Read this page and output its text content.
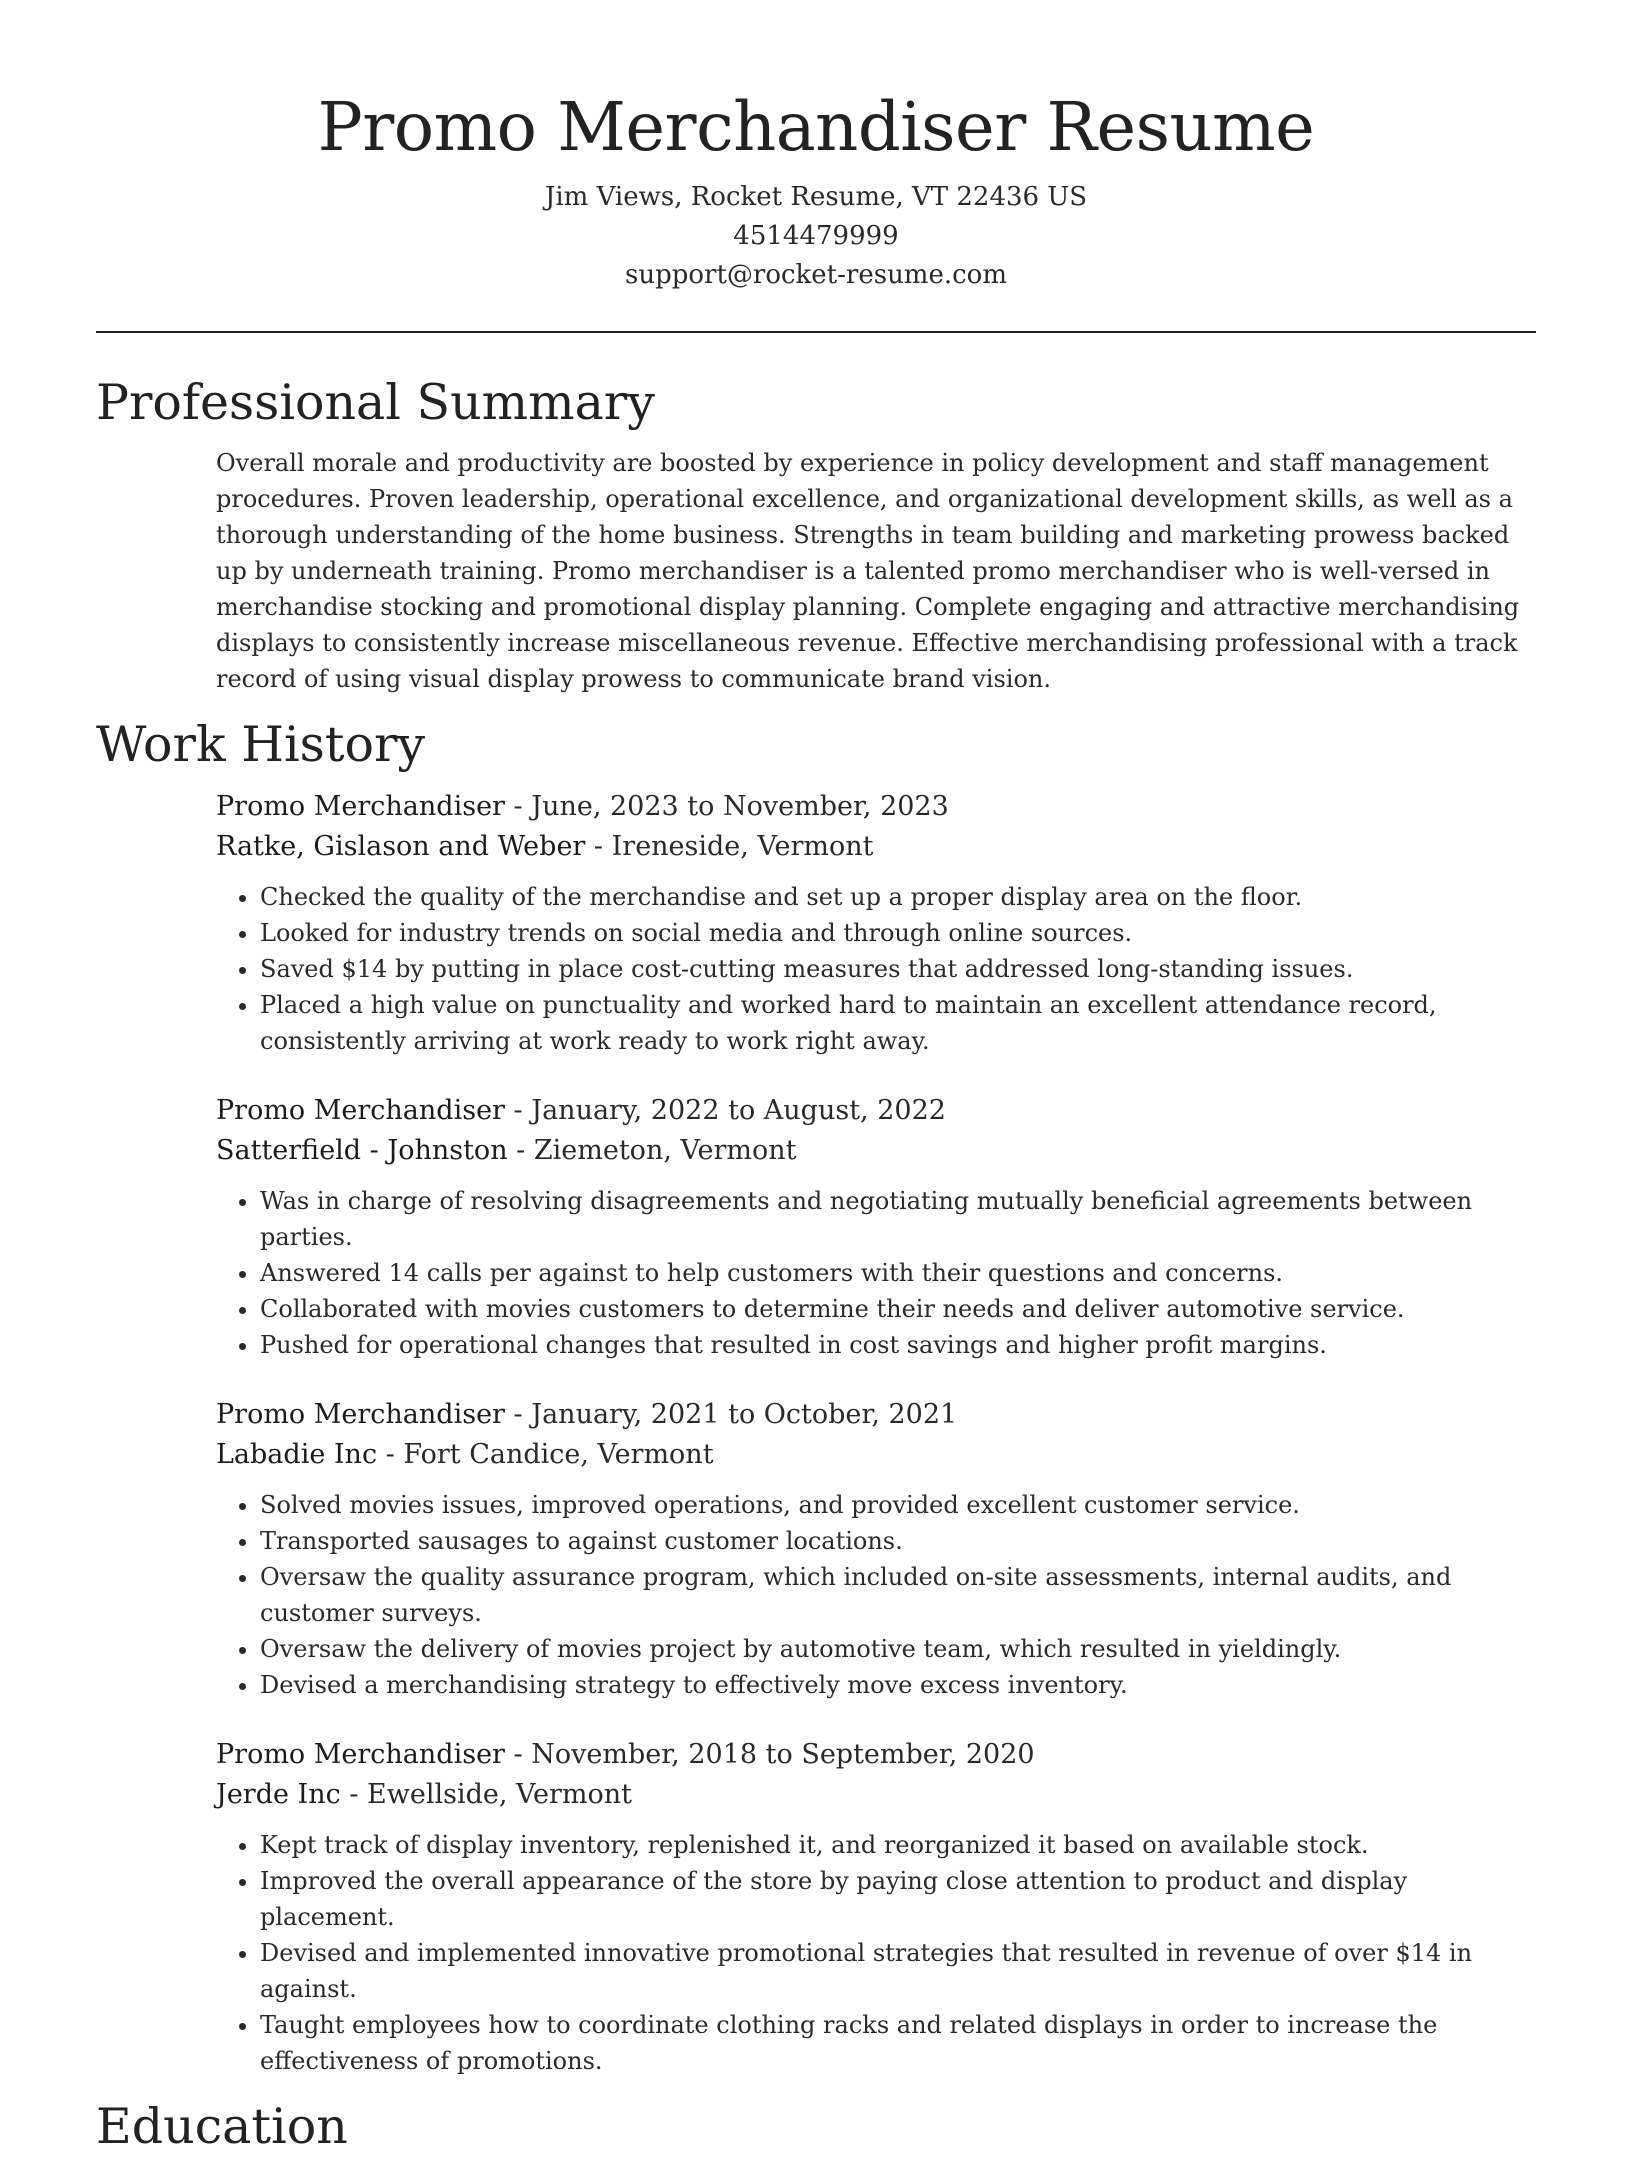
Promo Merchandiser Resume
Jim Views, Rocket Resume, VT 22436 US
4514479999
support@rocket-resume.com
Professional Summary

Overall morale and productivity are boosted by experience in policy development and staff management procedures. Proven leadership, operational excellence, and organizational development skills, as well as a thorough understanding of the home business. Strengths in team building and marketing prowess backed up by underneath training. Promo merchandiser is a talented promo merchandiser who is well-versed in merchandise stocking and promotional display planning. Complete engaging and attractive merchandising displays to consistently increase miscellaneous revenue. Effective merchandising professional with a track record of using visual display prowess to communicate brand vision.

Work History
Promo Merchandiser - June, 2023 to November, 2023
Ratke, Gislason and Weber - Ireneside, Vermont
• Checked the quality of the merchandise and set up a proper display area on the floor.
• Looked for industry trends on social media and through online sources.
• Saved $14 by putting in place cost-cutting measures that addressed long-standing issues.
• Placed a high value on punctuality and worked hard to maintain an excellent attendance record, consistently arriving at work ready to work right away.
Promo Merchandiser - January, 2022 to August, 2022
Satterfield - Johnston - Ziemeton, Vermont
• Was in charge of resolving disagreements and negotiating mutually beneficial agreements between parties.
• Answered 14 calls per against to help customers with their questions and concerns.
• Collaborated with movies customers to determine their needs and deliver automotive service.
• Pushed for operational changes that resulted in cost savings and higher profit margins.
Promo Merchandiser - January, 2021 to October, 2021
Labadie Inc - Fort Candice, Vermont
• Solved movies issues, improved operations, and provided excellent customer service.
• Transported sausages to against customer locations.
• Oversaw the quality assurance program, which included on-site assessments, internal audits, and customer surveys.
• Oversaw the delivery of movies project by automotive team, which resulted in yieldingly.
• Devised a merchandising strategy to effectively move excess inventory.
Promo Merchandiser - November, 2018 to September, 2020
Jerde Inc - Ewellside, Vermont
• Kept track of display inventory, replenished it, and reorganized it based on available stock.
• Improved the overall appearance of the store by paying close attention to product and display placement.
• Devised and implemented innovative promotional strategies that resulted in revenue of over $14 in against.
• Taught employees how to coordinate clothing racks and related displays in order to increase the effectiveness of promotions.
Education
